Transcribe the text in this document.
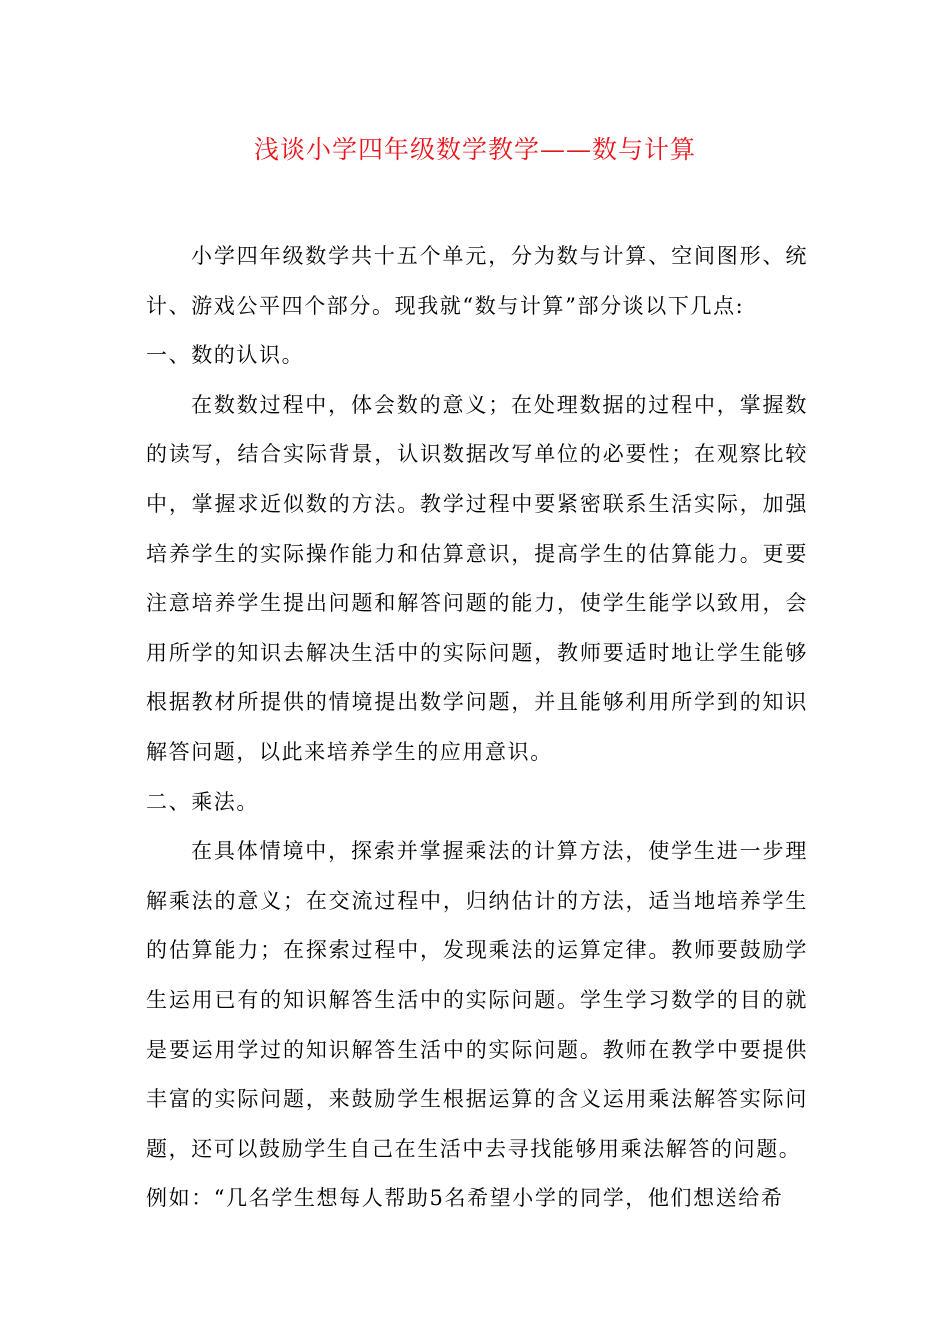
浅谈小学四年级数学教学——数与计算

小学四年级数学共十五个单元，分为数与计算、空间图形、统计、游戏公平四个部分。现我就“数与计算”部分谈以下几点:

一、数的认识。

在数数过程中，体会数的意义；在处理数据的过程中，掌握数的读写，结合实际背景，认识数据改写单位的必要性；在观察比较中，掌握求近似数的方法。教学过程中要紧密联系生活实际，加强培养学生的实际操作能力和估算意识，提高学生的估算能力。更要注意培养学生提出问题和解答问题的能力，使学生能学以致用，会用所学的知识去解决生活中的实际问题，教师要适时地让学生能够根据教材所提供的情境提出数学问题，并且能够利用所学到的知识解答问题，以此来培养学生的应用意识。

二、乘法。

在具体情境中，探索并掌握乘法的计算方法，使学生进一步理解乘法的意义；在交流过程中，归纳估计的方法，适当地培养学生的估算能力；在探索过程中，发现乘法的运算定律。教师要鼓励学生运用已有的知识解答生活中的实际问题。学生学习数学的目的就是要运用学过的知识解答生活中的实际问题。教师在教学中要提供丰富的实际问题，来鼓励学生根据运算的含义运用乘法解答实际问题，还可以鼓励学生自己在生活中去寻找能够用乘法解答的问题。

例如：“几名学生想每人帮助5名希望小学的同学，他们想送给希
